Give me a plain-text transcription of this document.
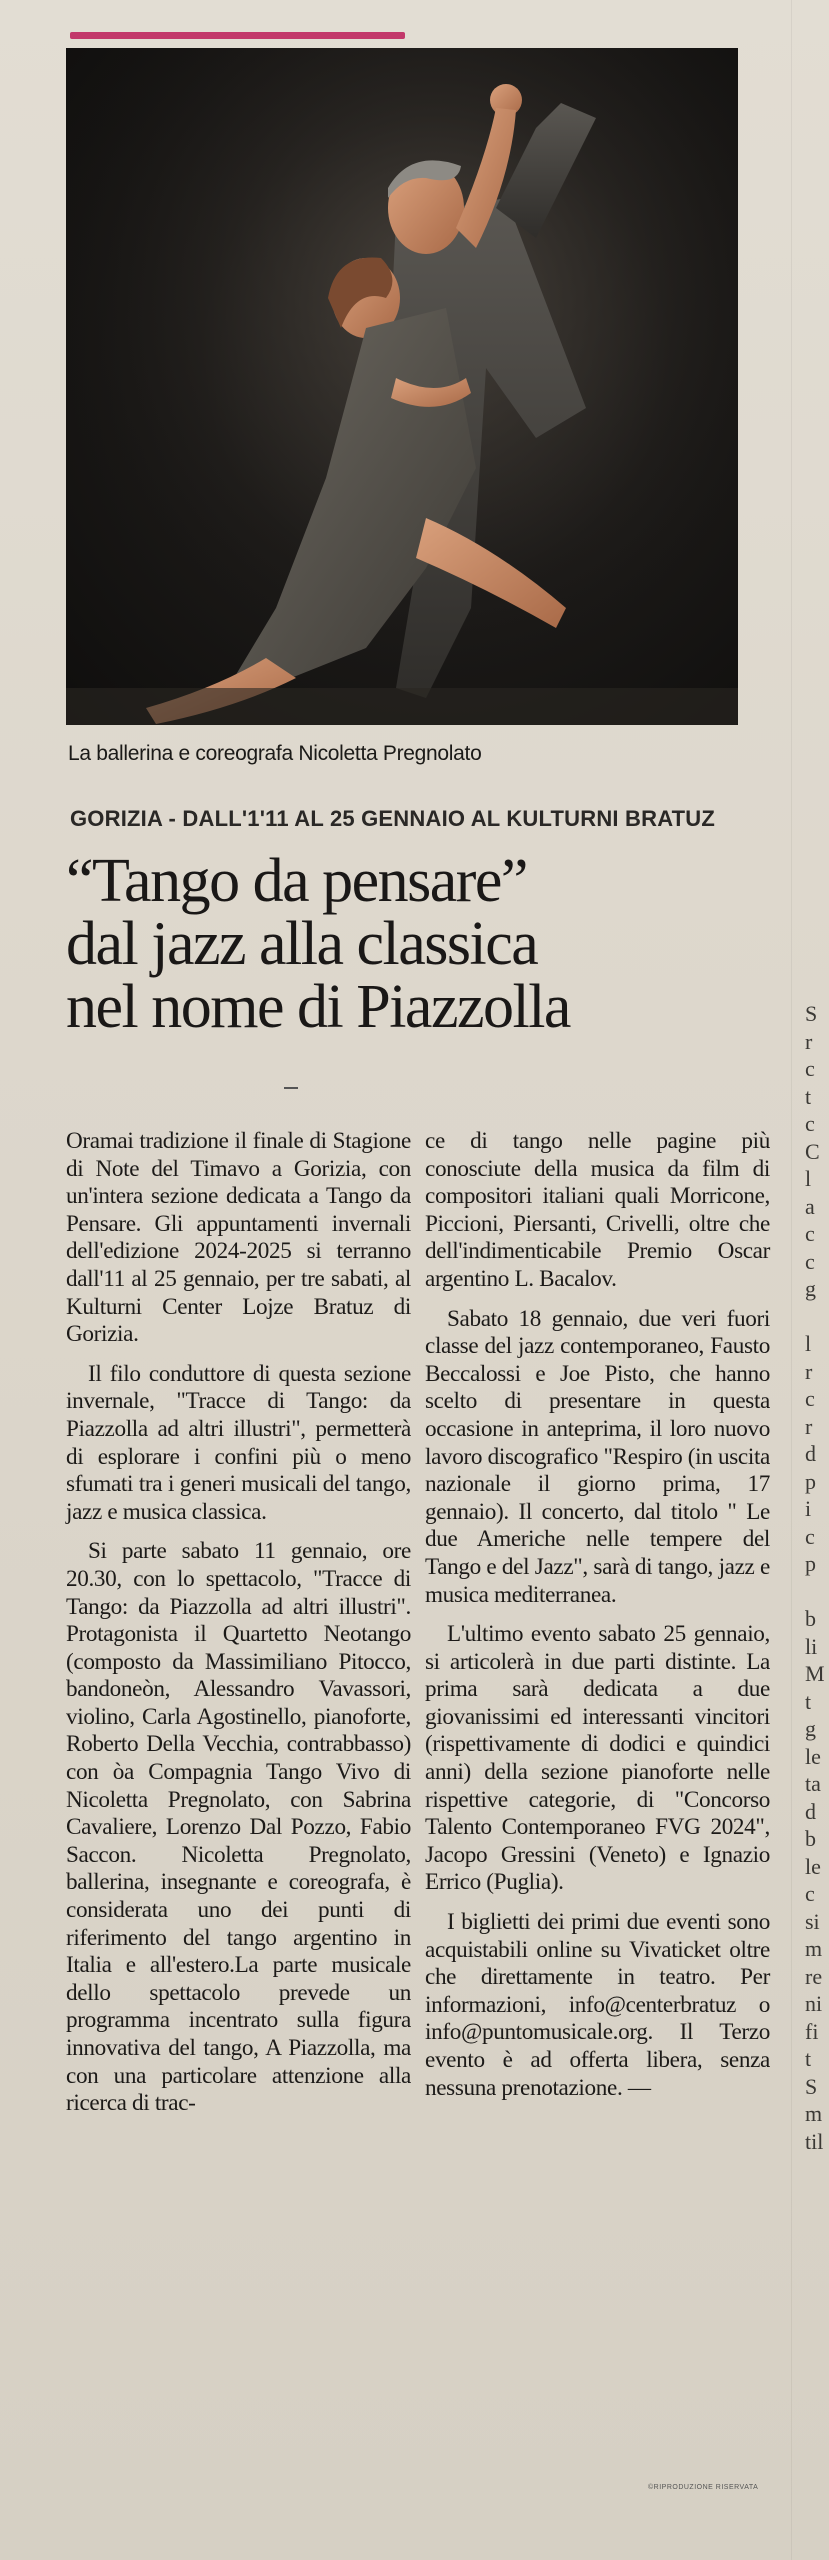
La ballerina e coreografa Nicoletta Pregnolato
GORIZIA - DALL'1'11 AL 25 GENNAIO AL KULTURNI BRATUZ
“Tango da pensare”
dal jazz alla classica
nel nome di Piazzolla

Oramai tradizione il finale di Stagione di Note del Timavo a Gorizia, con un'intera sezione dedicata a Tango da Pensare. Gli appuntamenti invernali dell'edizione 2024-2025 si terranno dall'11 al 25 gennaio, per tre sabati, al Kulturni Center Lojze Bratuz di Gorizia.

Il filo conduttore di questa sezione invernale, "Tracce di Tango: da Piazzolla ad altri illustri", permetterà di esplorare i confini più o meno sfumati tra i generi musicali del tango, jazz e musica classica.

Si parte sabato 11 gennaio, ore 20.30, con lo spettacolo, "Tracce di Tango: da Piazzolla ad altri illustri". Protagonista il Quartetto Neotango (composto da Massimiliano Pitocco, bandoneòn, Alessandro Vavassori, violino, Carla Agostinello, pianoforte, Roberto Della Vecchia, contrabbasso) con òa Compagnia Tango Vivo di Nicoletta Pregnolato, con Sabrina Cavaliere, Lorenzo Dal Pozzo, Fabio Saccon. Nicoletta Pregnolato, ballerina, insegnante e coreografa, è considerata uno dei punti di riferimento del tango argentino in Italia e all'estero.La parte musicale dello spettacolo prevede un programma incentrato sulla figura innovativa del tango, A Piazzolla, ma con una particolare attenzione alla ricerca di trac-

ce di tango nelle pagine più conosciute della musica da film di compositori italiani quali Morricone, Piccioni, Piersanti, Crivelli, oltre che dell'indimenticabile Premio Oscar argentino L. Bacalov.

Sabato 18 gennaio, due veri fuori classe del jazz contemporaneo, Fausto Beccalossi e Joe Pisto, che hanno scelto di presentare in questa occasione in anteprima, il loro nuovo lavoro discografico "Respiro (in uscita nazionale il giorno prima, 17 gennaio). Il concerto, dal titolo " Le due Americhe nelle tempere del Tango e del Jazz", sarà di tango, jazz e musica mediterranea.

L'ultimo evento sabato 25 gennaio, si articolerà in due parti distinte. La prima sarà dedicata a due giovanissimi ed interessanti vincitori (rispettivamente di dodici e quindici anni) della sezione pianoforte nelle rispettive categorie, di "Concorso Talento Contemporaneo FVG 2024", Jacopo Gressini (Veneto) e Ignazio Errico (Puglia).

I biglietti dei primi due eventi sono acquistabili online su Vivaticket oltre che direttamente in teatro. Per informazioni, info@centerbratuz o info@puntomusicale.org. Il Terzo evento è ad offerta libera, senza nessuna prenotazione. —

©RIPRODUZIONE RISERVATA
S
r
c
t
c
C
l
a
c
c
g

l
r
c
r
d
p
i
c
p

b
li
M
t
g
le
ta
d
b
le
c
si
m
re
ni
fi
t
S
m
til
